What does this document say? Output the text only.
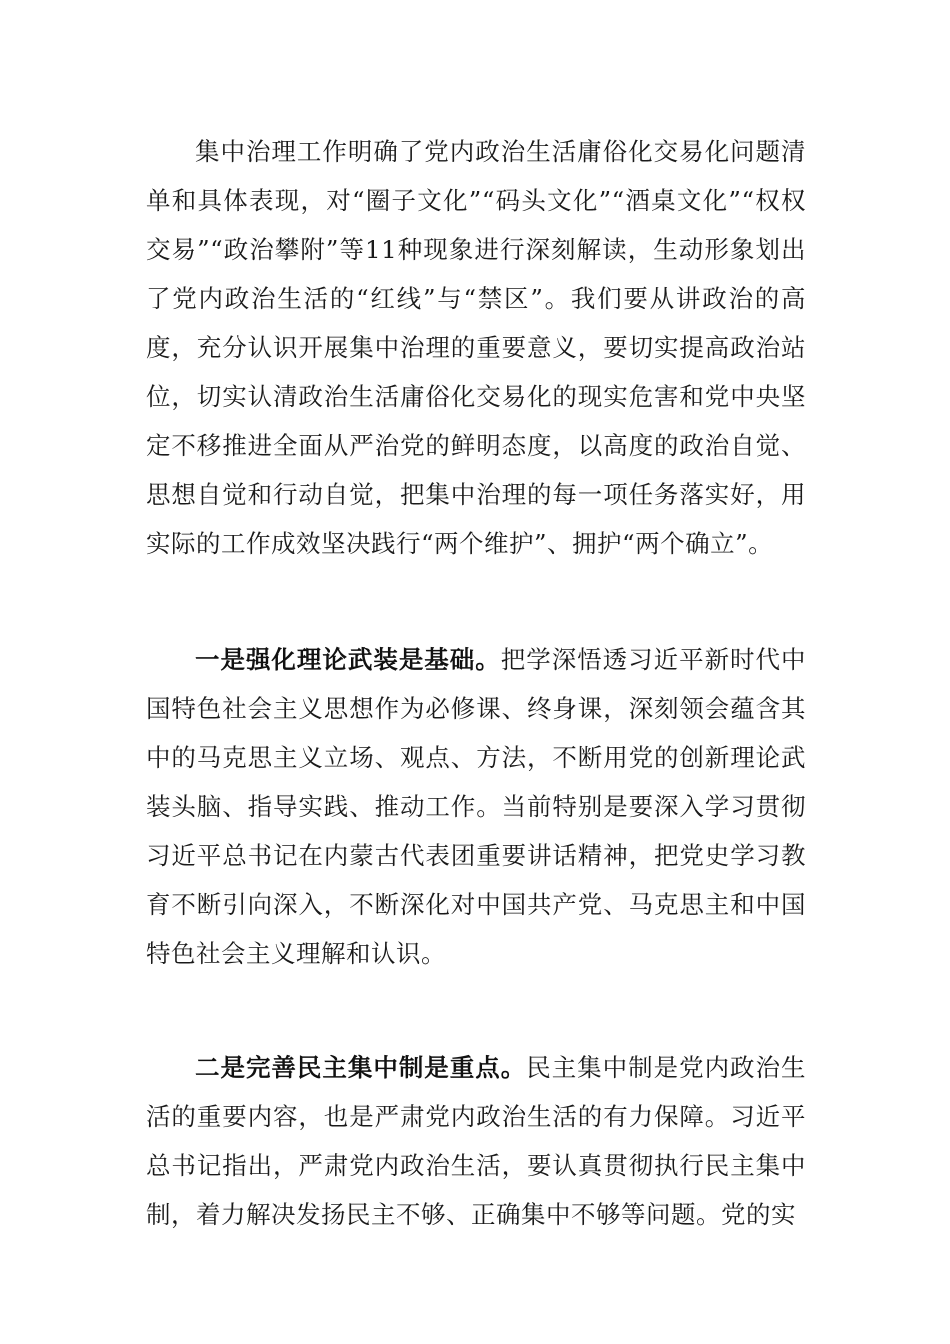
集中治理工作明确了党内政治生活庸俗化交易化问题清单和具体表现，对“圈子文化”“码头文化”“酒桌文化”“权权交易”“政治攀附”等11种现象进行深刻解读，生动形象划出了党内政治生活的“红线”与“禁区”。我们要从讲政治的高度，充分认识开展集中治理的重要意义，要切实提高政治站位，切实认清政治生活庸俗化交易化的现实危害和党中央坚定不移推进全面从严治党的鲜明态度，以高度的政治自觉、思想自觉和行动自觉，把集中治理的每一项任务落实好，用实际的工作成效坚决践行“两个维护”、拥护“两个确立”。

一是强化理论武装是基础。把学深悟透习近平新时代中国特色社会主义思想作为必修课、终身课，深刻领会蕴含其中的马克思主义立场、观点、方法，不断用党的创新理论武装头脑、指导实践、推动工作。当前特别是要深入学习贯彻习近平总书记在内蒙古代表团重要讲话精神，把党史学习教育不断引向深入，不断深化对中国共产党、马克思主和中国特色社会主义理解和认识。

二是完善民主集中制是重点。民主集中制是党内政治生活的重要内容，也是严肃党内政治生活的有力保障。习近平总书记指出，严肃党内政治生活，要认真贯彻执行民主集中制，着力解决发扬民主不够、正确集中不够等问题。党的实
